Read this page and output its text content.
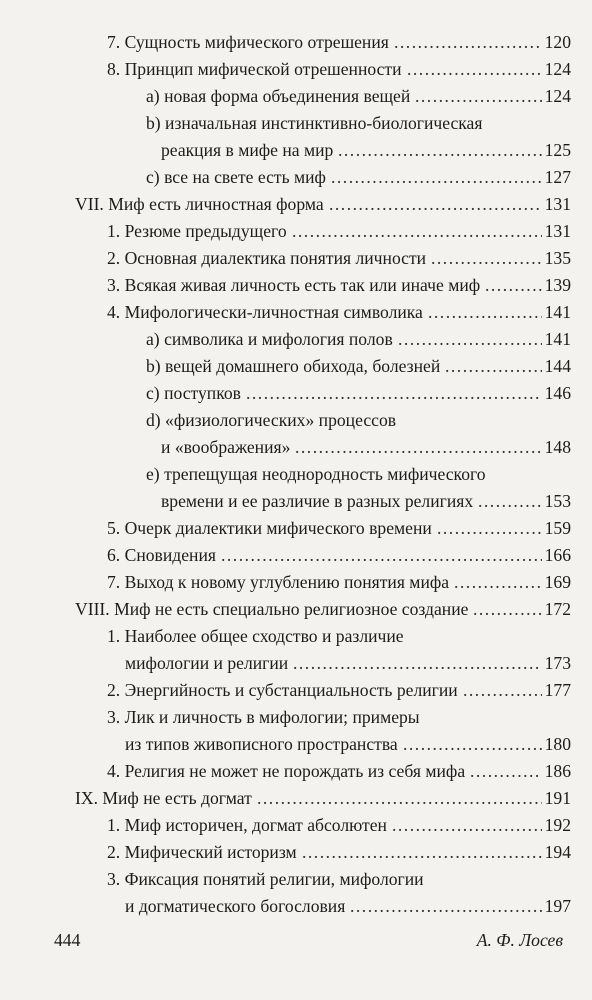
7. Сущность мифического отрешения	120
.....
8. Принцип мифической отрешенности	124
.....
а) новая форма объединения вещей	124
.....
b) изначальная инстинктивно-биологическая
реакция в мифе на мир	125
.....
c) все на свете есть миф	127
.....
VII. Миф есть личностная форма	131
.....
1. Резюме предыдущего	131
.....
2. Основная диалектика понятия личности	135
.....
3. Всякая живая личность есть так или иначе миф	139
.....
4. Мифологически-личностная символика	141
.....
а) символика и мифология полов	141
.....
b) вещей домашнего обихода, болезней	144
.....
c) поступков	146
.....
d) «физиологических» процессов
и «воображения»	148
.....
e) трепещущая неоднородность мифического
времени и ее различие в разных религиях	153
.....
5. Очерк диалектики мифического времени	159
.....
6. Сновидения	166
.....
7. Выход к новому углублению понятия мифа	169
.....
VIII. Миф не есть специально религиозное создание	172
.....
1. Наиболее общее сходство и различие
мифологии и религии	173
.....
2. Энергийность и субстанциальность религии	177
.....
3. Лик и личность в мифологии; примеры
из типов живописного пространства	180
.....
4. Религия не может не порождать из себя мифа	186
.....
IX. Миф не есть догмат	191
.....
1. Миф историчен, догмат абсолютен	192
.....
2. Мифический историзм	194
.....
3. Фиксация понятий религии, мифологии
и догматического богословия	197
.....
444	А. Ф. Лосев
